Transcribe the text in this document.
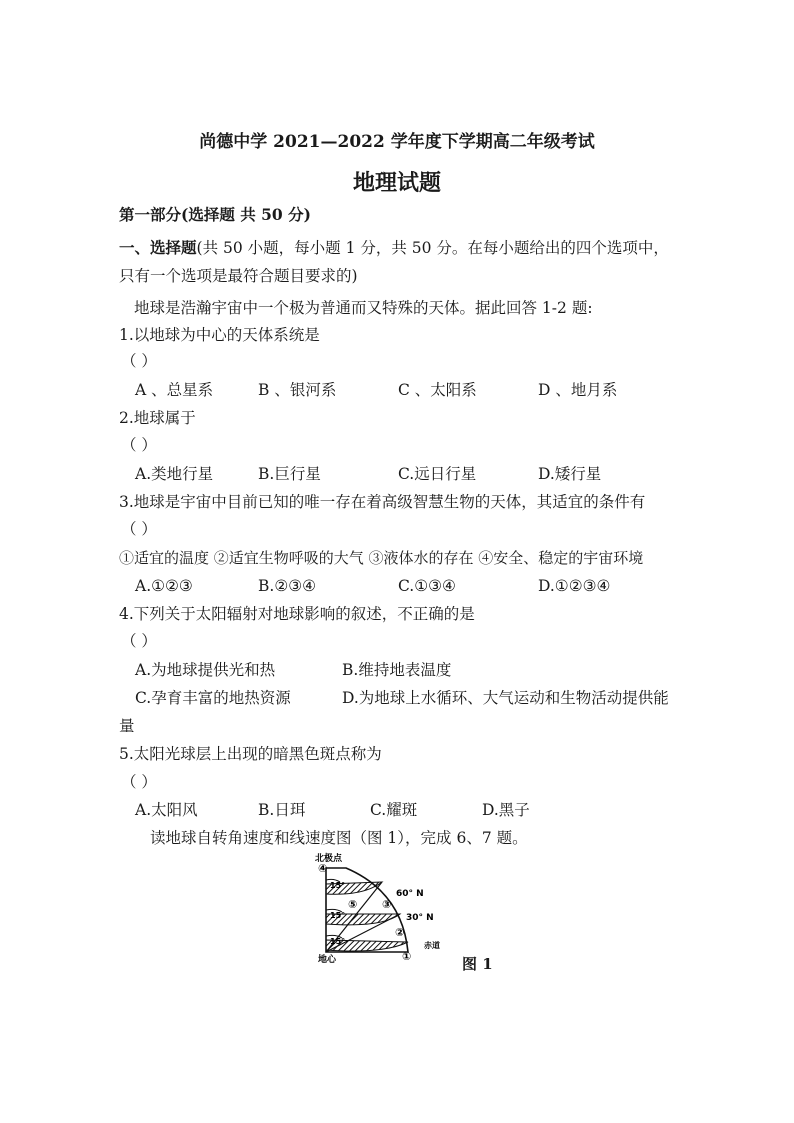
尚德中学 2021—2022 学年度下学期高二年级考试
地理试题
第一部分(选择题 共 50 分)
一、选择题(共 50 小题，每小题 1 分，共 50 分。在每小题给出的四个选项中，
只有一个选项是最符合题目要求的)
地球是浩瀚宇宙中一个极为普通而又特殊的天体。据此回答 1-2 题:
1.以地球为中心的天体系统是
（ ）
A 、总星系	B 、银河系	C 、太阳系	D 、地月系
2.地球属于
（ ）
A.类地行星	B.巨行星	C.远日行星	D.矮行星
3.地球是宇宙中目前已知的唯一存在着高级智慧生物的天体，其适宜的条件有
（ ）
①适宜的温度 ②适宜生物呼吸的大气 ③液体水的存在 ④安全、稳定的宇宙环境
A.①②③	B.②③④	C.①③④	D.①②③④
4.下列关于太阳辐射对地球影响的叙述，不正确的是
（ ）
A.为地球提供光和热	B.维持地表温度
C.孕育丰富的地热资源	D.为地球上水循环、大气运动和生物活动提供能
量
5.太阳光球层上出现的暗黑色斑点称为
（ ）
A.太阳风	B.日珥	C.耀斑	D.黑子
读地球自转角速度和线速度图（图 1），完成 6、7 题。
北极点
④
15°
15°
15°
⑤ ③
②
①
60° N
30° N
赤道
地心	图 1
